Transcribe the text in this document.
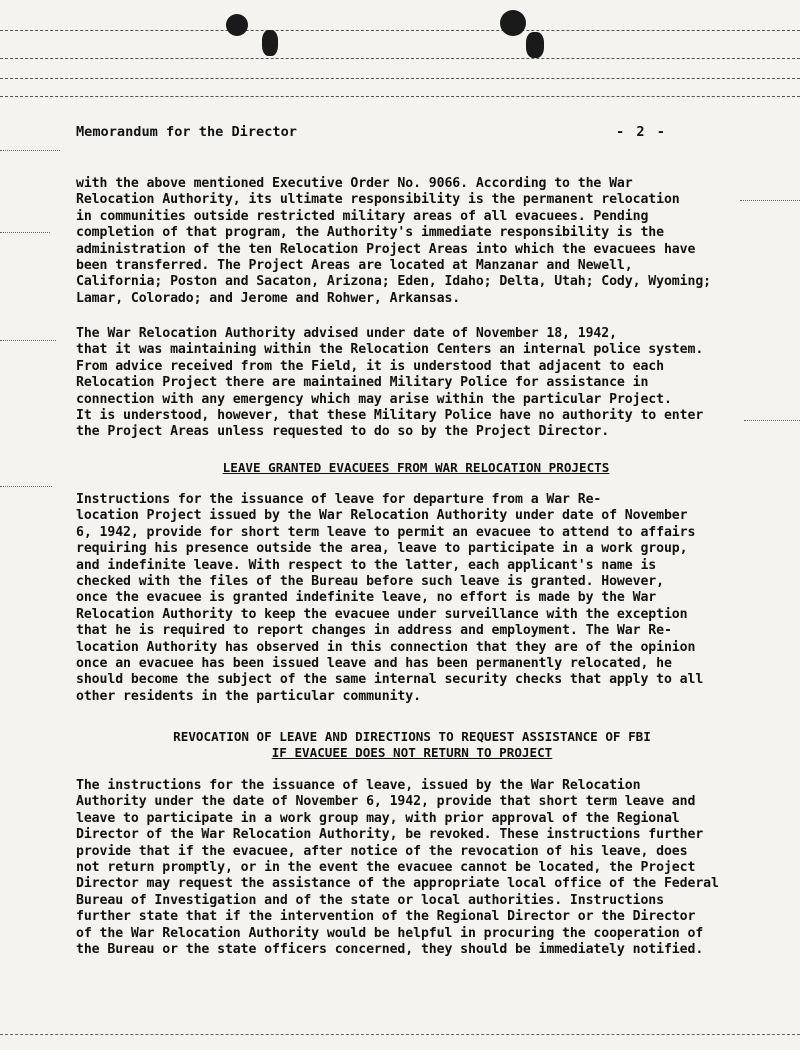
Memorandum for the Director	- 2 -
with the above mentioned Executive Order No. 9066. According to the War
Relocation Authority, its ultimate responsibility is the permanent relocation
in communities outside restricted military areas of all evacuees. Pending
completion of that program, the Authority's immediate responsibility is the
administration of the ten Relocation Project Areas into which the evacuees have
been transferred. The Project Areas are located at Manzanar and Newell,
California; Poston and Sacaton, Arizona; Eden, Idaho; Delta, Utah; Cody, Wyoming;
Lamar, Colorado; and Jerome and Rohwer, Arkansas.
The War Relocation Authority advised under date of November 18, 1942,
that it was maintaining within the Relocation Centers an internal police system.
From advice received from the Field, it is understood that adjacent to each
Relocation Project there are maintained Military Police for assistance in
connection with any emergency which may arise within the particular Project.
It is understood, however, that these Military Police have no authority to enter
the Project Areas unless requested to do so by the Project Director.
LEAVE GRANTED EVACUEES FROM WAR RELOCATION PROJECTS
Instructions for the issuance of leave for departure from a War Re-
location Project issued by the War Relocation Authority under date of November
6, 1942, provide for short term leave to permit an evacuee to attend to affairs
requiring his presence outside the area, leave to participate in a work group,
and indefinite leave. With respect to the latter, each applicant's name is
checked with the files of the Bureau before such leave is granted. However,
once the evacuee is granted indefinite leave, no effort is made by the War
Relocation Authority to keep the evacuee under surveillance with the exception
that he is required to report changes in address and employment. The War Re-
location Authority has observed in this connection that they are of the opinion
once an evacuee has been issued leave and has been permanently relocated, he
should become the subject of the same internal security checks that apply to all
other residents in the particular community.
REVOCATION OF LEAVE AND DIRECTIONS TO REQUEST ASSISTANCE OF FBI
IF EVACUEE DOES NOT RETURN TO PROJECT
The instructions for the issuance of leave, issued by the War Relocation
Authority under the date of November 6, 1942, provide that short term leave and
leave to participate in a work group may, with prior approval of the Regional
Director of the War Relocation Authority, be revoked. These instructions further
provide that if the evacuee, after notice of the revocation of his leave, does
not return promptly, or in the event the evacuee cannot be located, the Project
Director may request the assistance of the appropriate local office of the Federal
Bureau of Investigation and of the state or local authorities. Instructions
further state that if the intervention of the Regional Director or the Director
of the War Relocation Authority would be helpful in procuring the cooperation of
the Bureau or the state officers concerned, they should be immediately notified.
